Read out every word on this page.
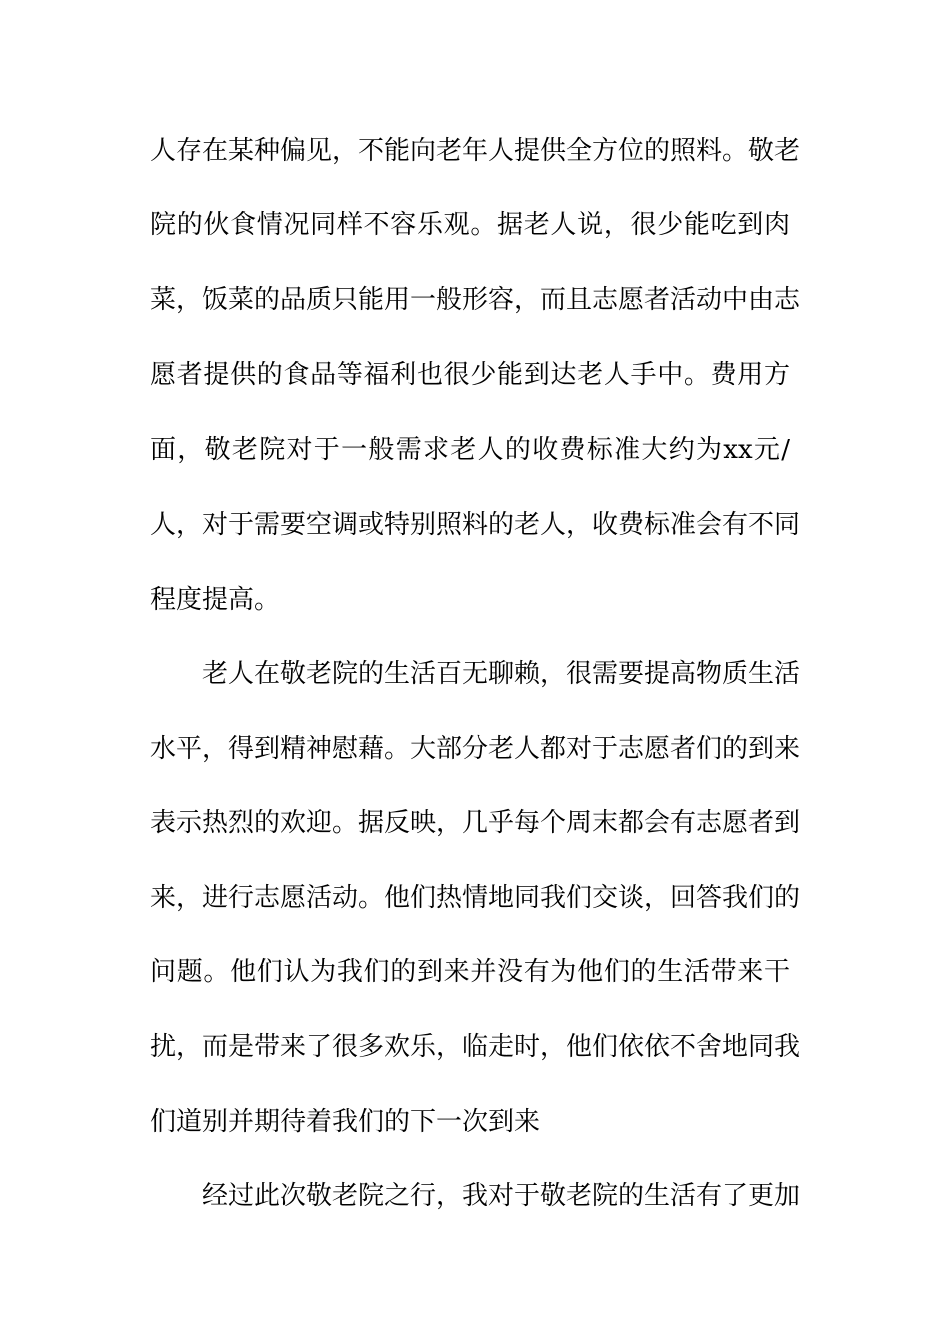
人存在某种偏见，不能向老年人提供全方位的照料。敬老
院的伙食情况同样不容乐观。据老人说，很少能吃到肉
菜，饭菜的品质只能用一般形容，而且志愿者活动中由志
愿者提供的食品等福利也很少能到达老人手中。费用方
面，敬老院对于一般需求老人的收费标准大约为xx元/
人，对于需要空调或特别照料的老人，收费标准会有不同
程度提高。
老人在敬老院的生活百无聊赖，很需要提高物质生活
水平，得到精神慰藉。大部分老人都对于志愿者们的到来
表示热烈的欢迎。据反映，几乎每个周末都会有志愿者到
来，进行志愿活动。他们热情地同我们交谈，回答我们的
问题。他们认为我们的到来并没有为他们的生活带来干
扰，而是带来了很多欢乐，临走时，他们依依不舍地同我
们道别并期待着我们的下一次到来
经过此次敬老院之行，我对于敬老院的生活有了更加
